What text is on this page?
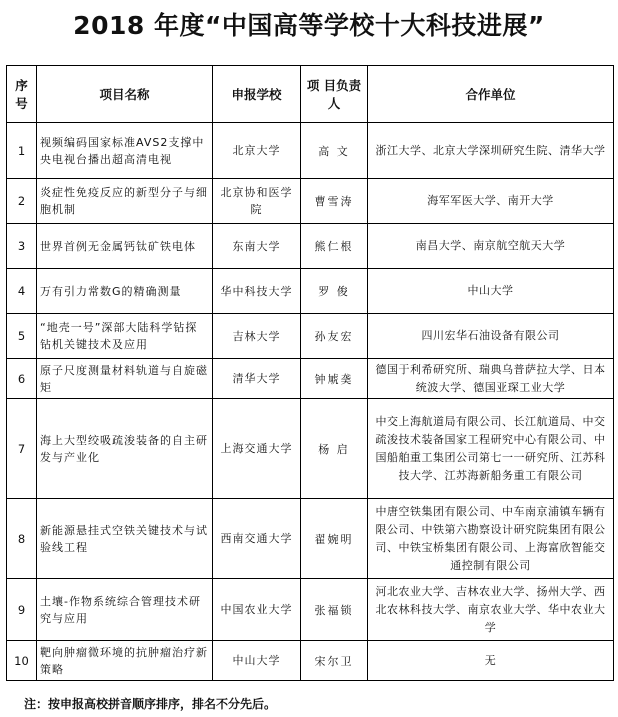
2018 年度“中国高等学校十大科技进展”
序号	项目名称	申报学校	项 目负责人	合作单位
1	视频编码国家标准AVS2支撑中央电视台播出超高清电视	北京大学	高 文	浙江大学、北京大学深圳研究生院、清华大学
2	炎症性免疫反应的新型分子与细胞机制	北京协和医学院	曹雪涛	海军军医大学、南开大学
3	世界首例无金属钙钛矿铁电体	东南大学	熊仁根	南昌大学、南京航空航天大学
4	万有引力常数G的精确测量	华中科技大学	罗 俊	中山大学
5	“地壳一号”深部大陆科学钻探钻机关键技术及应用	吉林大学	孙友宏	四川宏华石油设备有限公司
6	原子尺度测量材料轨道与自旋磁矩	清华大学	钟虓䶮	德国于利希研究所、瑞典乌普萨拉大学、日本统波大学、德国亚琛工业大学
7	海上大型绞吸疏浚装备的自主研发与产业化	上海交通大学	杨 启	中交上海航道局有限公司、长江航道局、中交疏浚技术装备国家工程研究中心有限公司、中国船舶重工集团公司第七一一研究所、江苏科技大学、江苏海新船务重工有限公司
8	新能源悬挂式空铁关键技术与试验线工程	西南交通大学	翟婉明	中唐空铁集团有限公司、中车南京浦镇车辆有限公司、中铁第六勘察设计研究院集团有限公司、中铁宝桥集团有限公司、上海富欣智能交通控制有限公司
9	土壤-作物系统综合管理技术研究与应用	中国农业大学	张福锁	河北农业大学、吉林农业大学、扬州大学、西北农林科技大学、南京农业大学、华中农业大学
10	靶向肿瘤微环境的抗肿瘤治疗新策略	中山大学	宋尔卫	无
注：按申报高校拼音顺序排序，排名不分先后。
